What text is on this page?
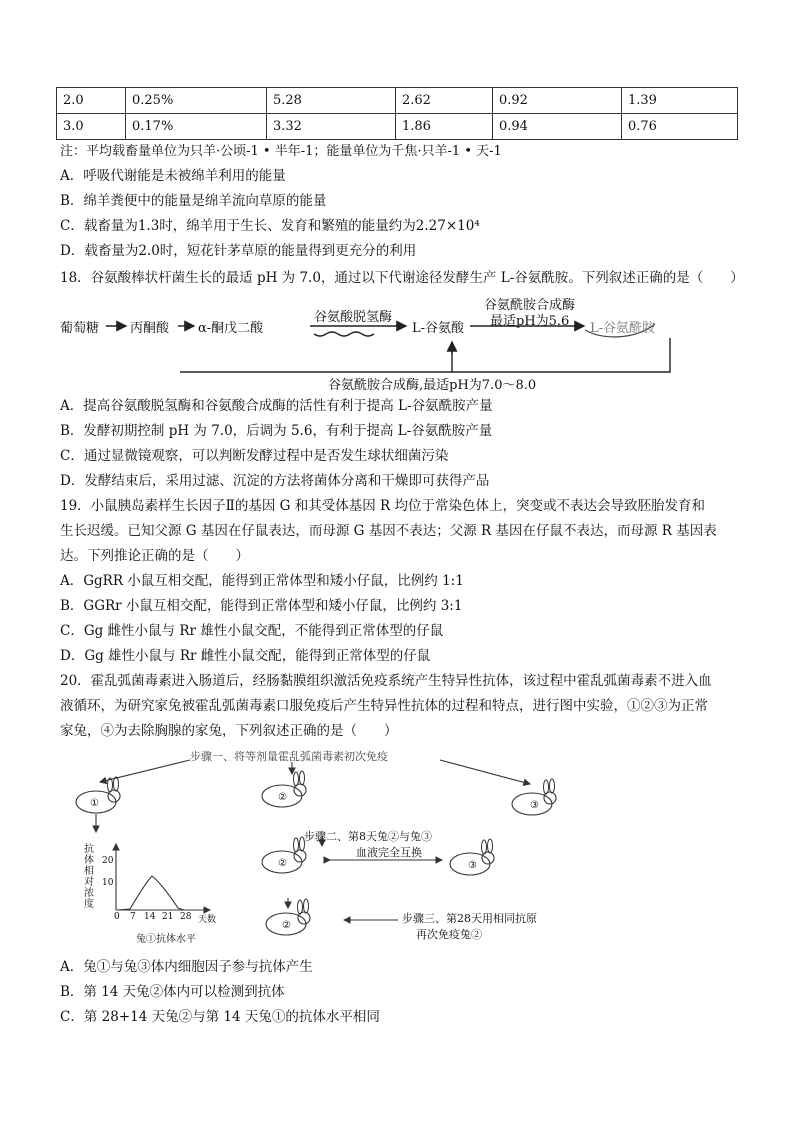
2.0	0.25%	5.28	2.62	0.92	1.39
3.0	0.17%	3.32	1.86	0.94	0.76
注：平均载畜量单位为只羊·公顷-1 • 半年-1；能量单位为千焦·只羊-1 • 天-1
A．呼吸代谢能是未被绵羊利用的能量
B．绵羊粪便中的能量是绵羊流向草原的能量
C．载畜量为1.3时，绵羊用于生长、发育和繁殖的能量约为2.27×10⁴
D．载畜量为2.0时，短花针茅草原的能量得到更充分的利用
18．谷氨酸棒状杆菌生长的最适 pH 为 7.0，通过以下代谢途径发酵生产 L-谷氨酰胺。下列叙述正确的是（　　）
葡萄糖 丙酮酸 α-酮戊二酸
谷氨酸脱氢酶
L-谷氨酸
谷氨酰胺合成酶
最适pH为5.6 L-谷氨酰胺
谷氨酰胺合成酶,最适pH为7.0～8.0
A．提高谷氨酸脱氢酶和谷氨酸合成酶的活性有利于提高 L-谷氨酰胺产量
B．发酵初期控制 pH 为 7.0，后调为 5.6，有利于提高 L-谷氨酰胺产量
C．通过显微镜观察，可以判断发酵过程中是否发生球状细菌污染
D．发酵结束后，采用过滤、沉淀的方法将菌体分离和干燥即可获得产品
19．小鼠胰岛素样生长因子Ⅱ的基因 G 和其受体基因 R 均位于常染色体上，突变或不表达会导致胚胎发育和
生长迟缓。已知父源 G 基因在仔鼠表达，而母源 G 基因不表达；父源 R 基因在仔鼠不表达，而母源 R 基因表
达。下列推论正确的是（　　）
A．GgRR 小鼠互相交配，能得到正常体型和矮小仔鼠，比例约 1:1
B．GGRr 小鼠互相交配，能得到正常体型和矮小仔鼠，比例约 3:1
C．Gg 雌性小鼠与 Rr 雄性小鼠交配，不能得到正常体型的仔鼠
D．Gg 雄性小鼠与 Rr 雌性小鼠交配，能得到正常体型的仔鼠
20．霍乱弧菌毒素进入肠道后，经肠黏膜组织激活免疫系统产生特异性抗体，该过程中霍乱弧菌毒素不进入血
液循环，为研究家兔被霍乱弧菌毒素口服免疫后产生特异性抗体的过程和特点，进行图中实验，①②③为正常
家兔，④为去除胸腺的家兔，下列叙述正确的是（　　）
步骤一、将等剂量霍乱弧菌毒素初次免疫
步骤二、第8天兔②与兔③
血液完全互换
步骤三、第28天用相同抗原
再次免疫兔②
①
②
③
②	③
②
抗体相对浓度
20
10
0 7 14 21 28 天数
兔①抗体水平
A．兔①与兔③体内细胞因子参与抗体产生
B．第 14 天兔②体内可以检测到抗体
C．第 28+14 天兔②与第 14 天兔①的抗体水平相同
